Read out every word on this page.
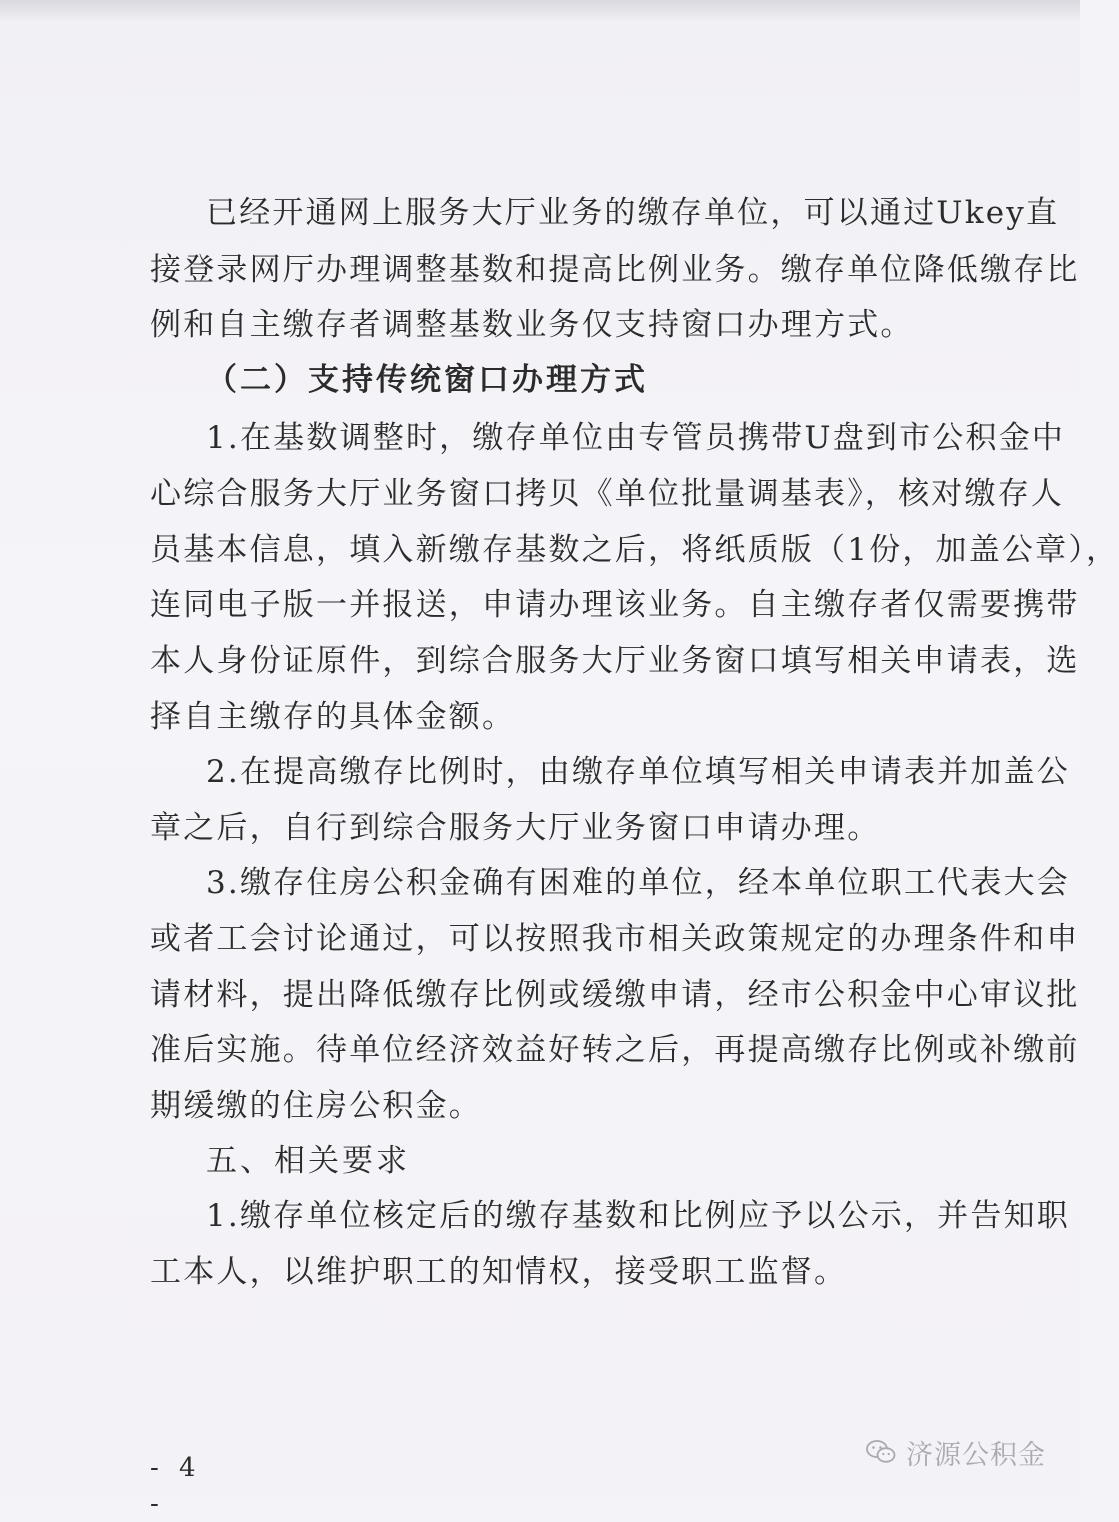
已经开通网上服务大厅业务的缴存单位，可以通过Ukey直
接登录网厅办理调整基数和提高比例业务。缴存单位降低缴存比
例和自主缴存者调整基数业务仅支持窗口办理方式。
（二）支持传统窗口办理方式
1.在基数调整时，缴存单位由专管员携带U盘到市公积金中
心综合服务大厅业务窗口拷贝《单位批量调基表》，核对缴存人
员基本信息，填入新缴存基数之后，将纸质版（1份，加盖公章），
连同电子版一并报送，申请办理该业务。自主缴存者仅需要携带
本人身份证原件，到综合服务大厅业务窗口填写相关申请表，选
择自主缴存的具体金额。
2.在提高缴存比例时，由缴存单位填写相关申请表并加盖公
章之后，自行到综合服务大厅业务窗口申请办理。
3.缴存住房公积金确有困难的单位，经本单位职工代表大会
或者工会讨论通过，可以按照我市相关政策规定的办理条件和申
请材料，提出降低缴存比例或缓缴申请，经市公积金中心审议批
准后实施。待单位经济效益好转之后，再提高缴存比例或补缴前
期缓缴的住房公积金。
五、相关要求
1.缴存单位核定后的缴存基数和比例应予以公示，并告知职
工本人，以维护职工的知情权，接受职工监督。
- 4 -
济源公积金
